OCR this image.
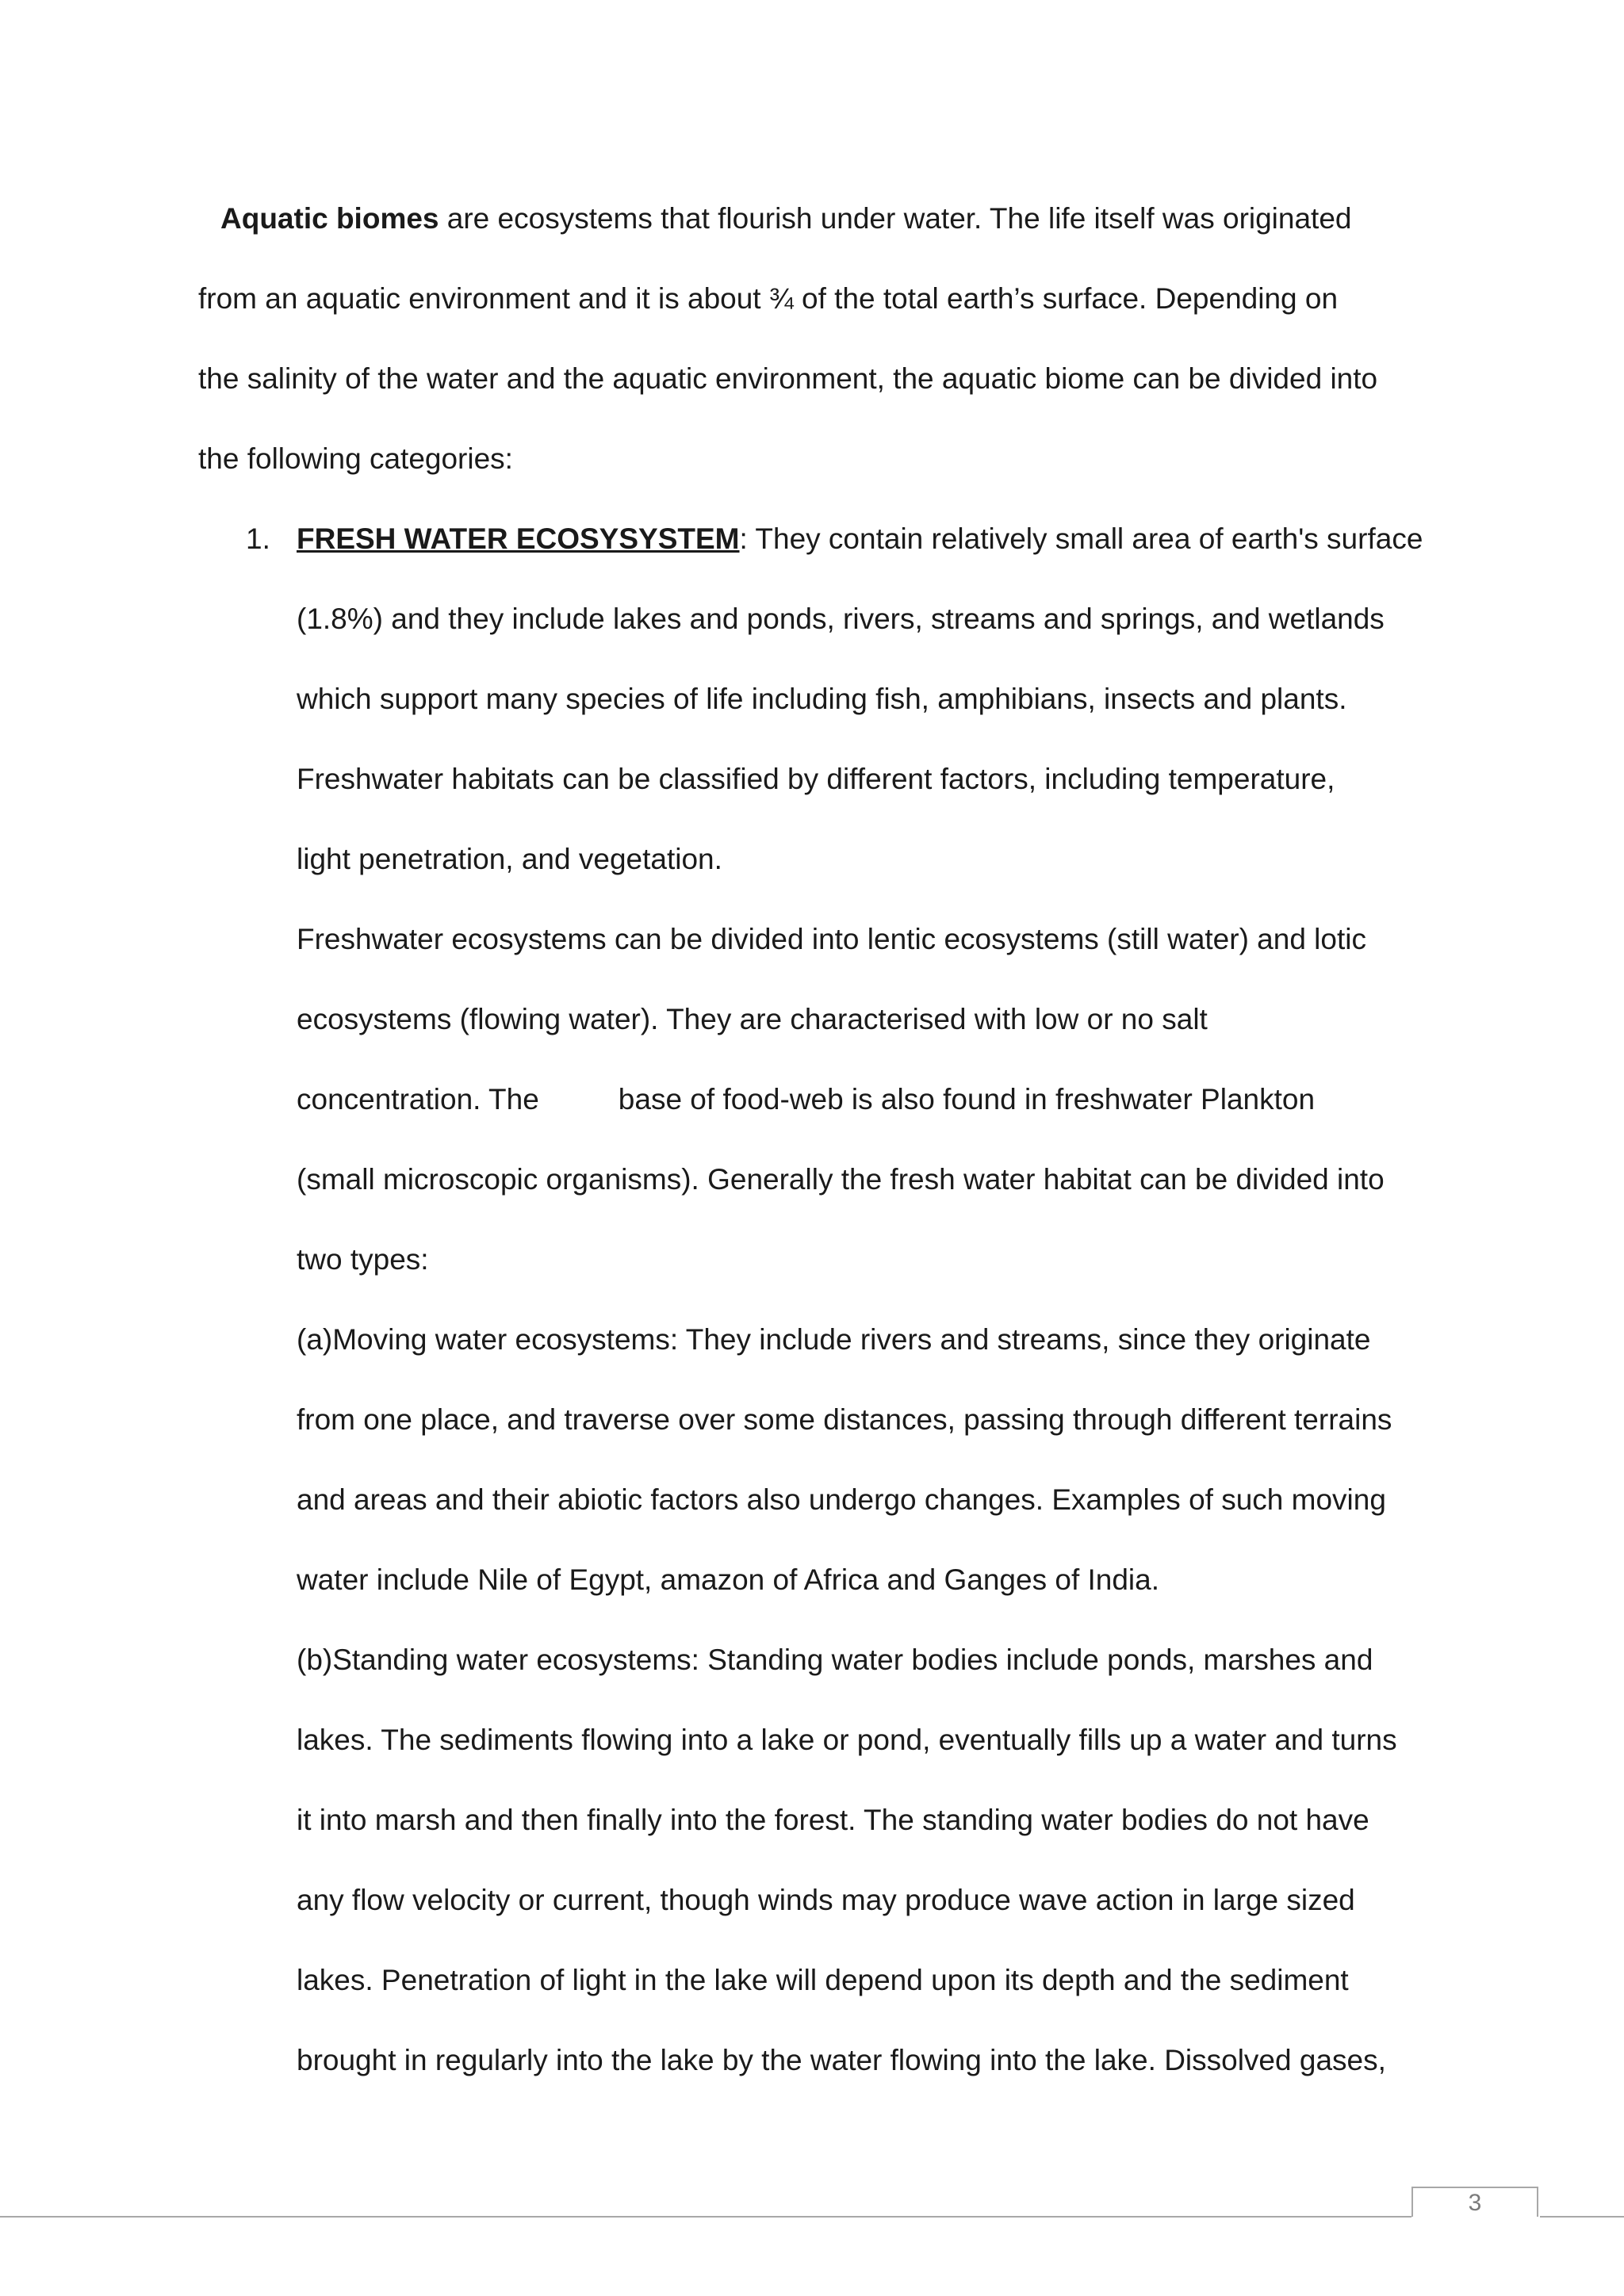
Aquatic biomes are ecosystems that flourish under water. The life itself was originated

from an aquatic environment and it is about ¾ of the total earth’s surface. Depending on

the salinity of the water and the aquatic environment, the aquatic biome can be divided into

the following categories:

1. FRESH WATER ECOSYSYSTEM: They contain relatively small area of earth's surface

(1.8%) and they include lakes and ponds, rivers, streams and springs, and wetlands

which support many species of life including fish, amphibians, insects and plants.

Freshwater habitats can be classified by different factors, including temperature,

light penetration, and vegetation.

Freshwater ecosystems can be divided into lentic ecosystems (still water) and lotic

ecosystems (flowing water). They are characterised with low or no salt

concentration. The	base of food-web is also found in freshwater Plankton

(small microscopic organisms). Generally the fresh water habitat can be divided into

two types:

(a)Moving water ecosystems: They include rivers and streams, since they originate

from one place, and traverse over some distances, passing through different terrains

and areas and their abiotic factors also undergo changes. Examples of such moving

water include Nile of Egypt, amazon of Africa and Ganges of India.

(b)Standing water ecosystems: Standing water bodies include ponds, marshes and

lakes. The sediments flowing into a lake or pond, eventually fills up a water and turns

it into marsh and then finally into the forest. The standing water bodies do not have

any flow velocity or current, though winds may produce wave action in large sized

lakes. Penetration of light in the lake will depend upon its depth and the sediment

brought in regularly into the lake by the water flowing into the lake. Dissolved gases,

3
